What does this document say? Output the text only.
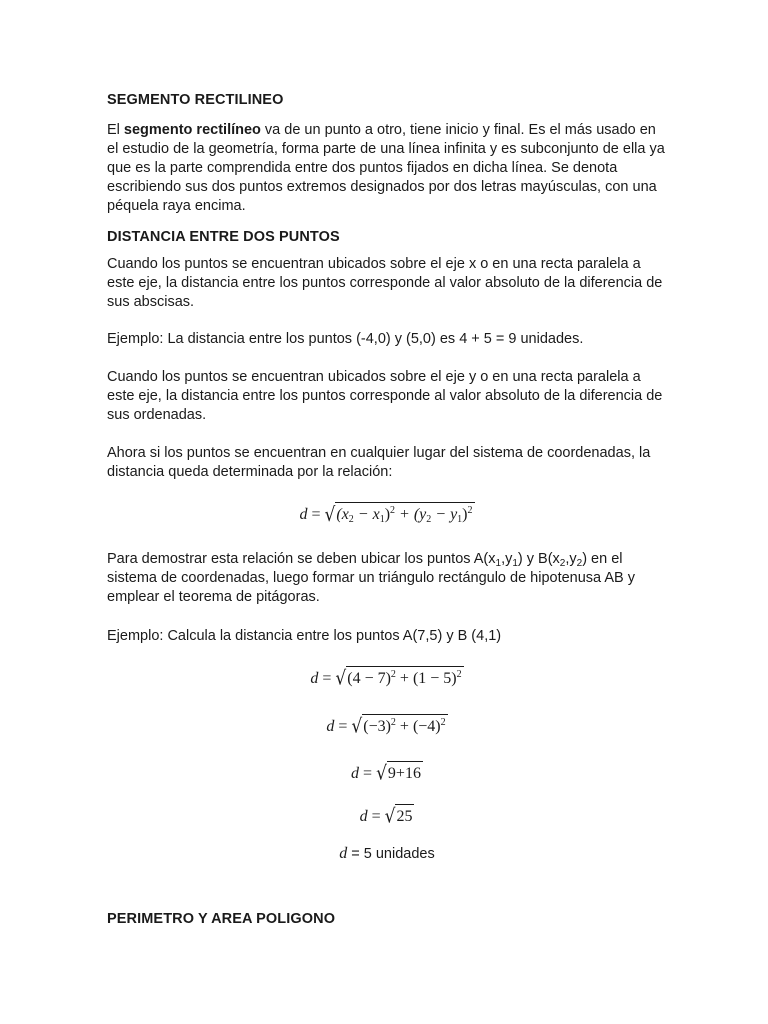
SEGMENTO RECTILINEO

El segmento rectilíneo va de un punto a otro, tiene inicio y final. Es el más usado en el estudio de la geometría, forma parte de una línea infinita y es subconjunto de ella ya que es la parte comprendida entre dos puntos fijados en dicha línea. Se denota escribiendo sus dos puntos extremos designados por dos letras mayúsculas, con una péquela raya encima.

DISTANCIA ENTRE DOS PUNTOS

Cuando los puntos se encuentran ubicados sobre el eje x o en una recta paralela a este eje, la distancia entre los puntos corresponde al valor absoluto de la diferencia de sus abscisas.

Ejemplo: La distancia entre los puntos (-4,0) y (5,0) es 4 + 5 = 9 unidades.

Cuando los puntos se encuentran ubicados sobre el eje y o en una recta paralela a este eje, la distancia entre los puntos corresponde al valor absoluto de la diferencia de sus ordenadas.

Ahora si los puntos se encuentran en cualquier lugar del sistema de coordenadas, la distancia queda determinada por la relación:

$d = √(x_2 - x_1)^2 + (y_2 - y_1)^2$

Para demostrar esta relación se deben ubicar los puntos $A(x_1,y_1)$ y $B(x_2,y_2)$ en el sistema de coordenadas, luego formar un triángulo rectángulo de hipotenusa AB y emplear el teorema de pitágoras.

Ejemplo: Calcula la distancia entre los puntos A(7,5) y B (4,1)

$d = √(4 - 7)^2 + (1 - 5)^2$
$d = √(-3)^2 + (-4)^2$
d = √9+16
d = √25
d = 5 unidades
PERIMETRO Y AREA POLIGONO
